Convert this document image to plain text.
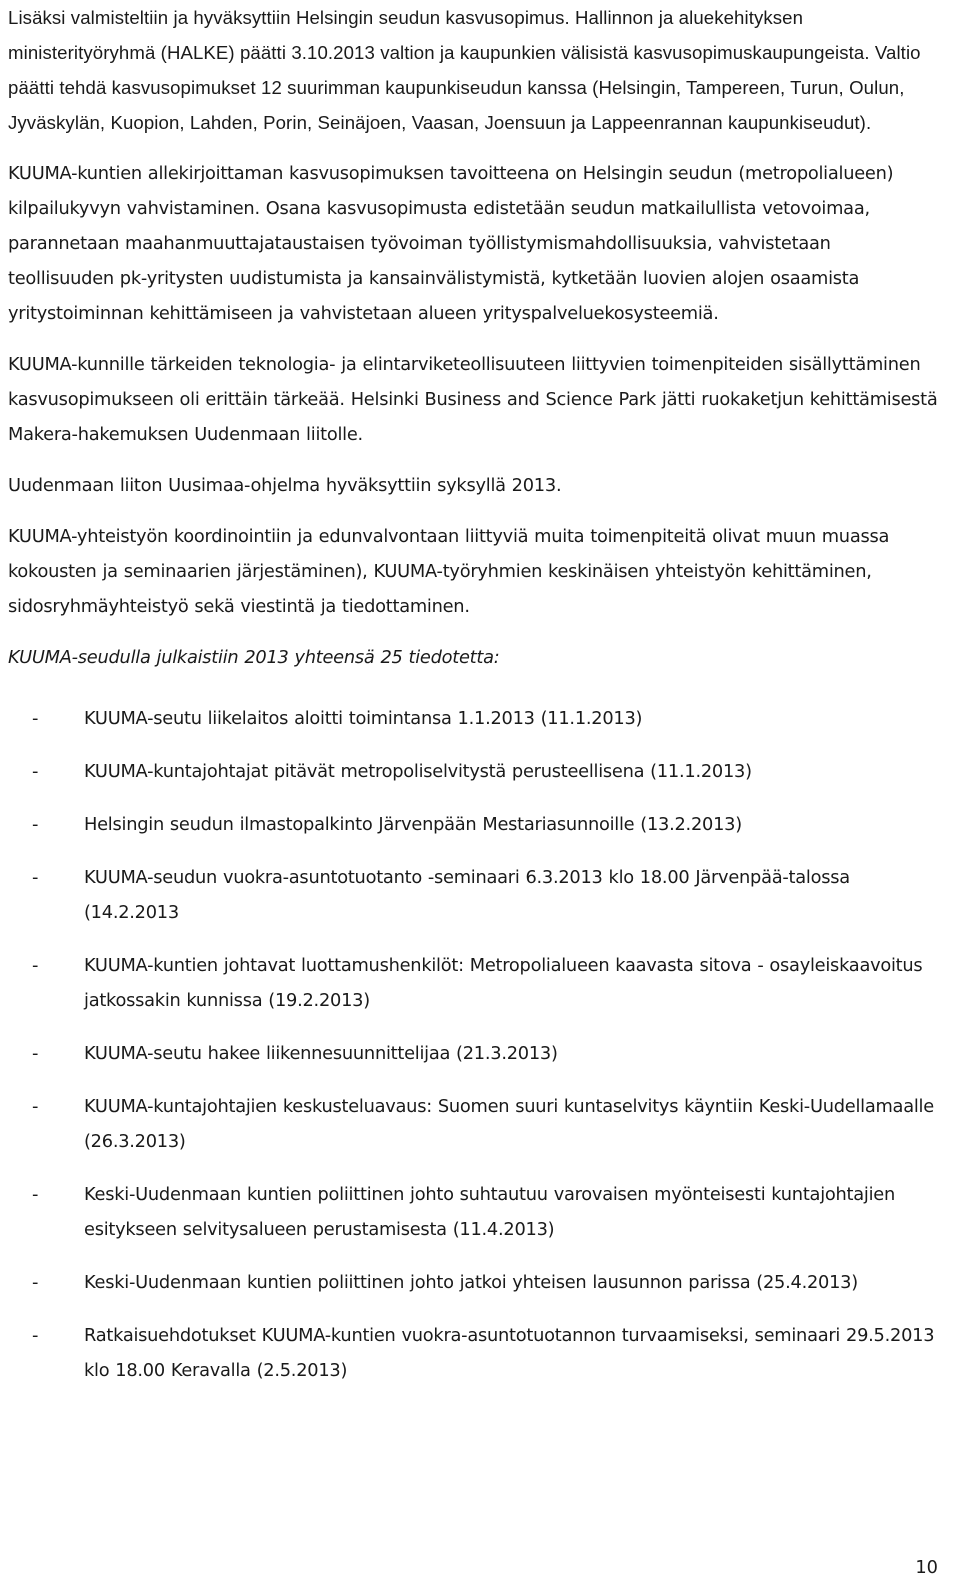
Lisäksi valmisteltiin ja hyväksyttiin Helsingin seudun kasvusopimus. Hallinnon ja aluekehityksen ministerityöryhmä (HALKE) päätti 3.10.2013 valtion ja kaupunkien välisistä kasvusopimuskaupungeista. Valtio päätti tehdä kasvusopimukset 12 suurimman kaupunkiseudun kanssa (Helsingin, Tampereen, Turun, Oulun, Jyväskylän, Kuopion, Lahden, Porin, Seinäjoen, Vaasan, Joensuun ja Lappeenrannan kaupunkiseudut).

KUUMA-kuntien allekirjoittaman kasvusopimuksen tavoitteena on Helsingin seudun (metropolialueen) kilpailukyvyn vahvistaminen. Osana kasvusopimusta edistetään seudun matkailullista vetovoimaa, parannetaan maahanmuuttajataustaisen työvoiman työllistymismahdollisuuksia, vahvistetaan teollisuuden pk-yritysten uudistumista ja kansainvälistymistä, kytketään luovien alojen osaamista yritystoiminnan kehittämiseen ja vahvistetaan alueen yrityspalveluekosysteemiä.

KUUMA-kunnille tärkeiden teknologia- ja elintarviketeollisuuteen liittyvien toimenpiteiden sisällyttäminen kasvusopimukseen oli erittäin tärkeää. Helsinki Business and Science Park jätti ruokaketjun kehittämisestä Makera-hakemuksen Uudenmaan liitolle.

Uudenmaan liiton Uusimaa-ohjelma hyväksyttiin syksyllä 2013.

KUUMA-yhteistyön koordinointiin ja edunvalvontaan liittyviä muita toimenpiteitä olivat muun muassa kokousten ja seminaarien järjestäminen), KUUMA-työryhmien keskinäisen yhteistyön kehittäminen, sidosryhmäyhteistyö sekä viestintä ja tiedottaminen.

KUUMA-seudulla julkaistiin 2013 yhteensä 25 tiedotetta:

-	KUUMA-seutu liikelaitos aloitti toimintansa 1.1.2013 (11.1.2013)
-	KUUMA-kuntajohtajat pitävät metropoliselvitystä perusteellisena (11.1.2013)
-	Helsingin seudun ilmastopalkinto Järvenpään Mestariasunnoille (13.2.2013)
-	KUUMA-seudun vuokra-asuntotuotanto -seminaari 6.3.2013 klo 18.00 Järvenpää-talossa (14.2.2013
-	KUUMA-kuntien johtavat luottamushenkilöt: Metropolialueen kaavasta sitova - osayleiskaavoitus jatkossakin kunnissa (19.2.2013)
-	KUUMA-seutu hakee liikennesuunnittelijaa (21.3.2013)
-	KUUMA-kuntajohtajien keskusteluavaus: Suomen suuri kuntaselvitys käyntiin Keski-Uudellamaalle (26.3.2013)
-	Keski-Uudenmaan kuntien poliittinen johto suhtautuu varovaisen myönteisesti kuntajohtajien esitykseen selvitysalueen perustamisesta (11.4.2013)
-	Keski-Uudenmaan kuntien poliittinen johto jatkoi yhteisen lausunnon parissa (25.4.2013)
-	Ratkaisuehdotukset KUUMA-kuntien vuokra-asuntotuotannon turvaamiseksi, seminaari 29.5.2013 klo 18.00 Keravalla (2.5.2013)
10
